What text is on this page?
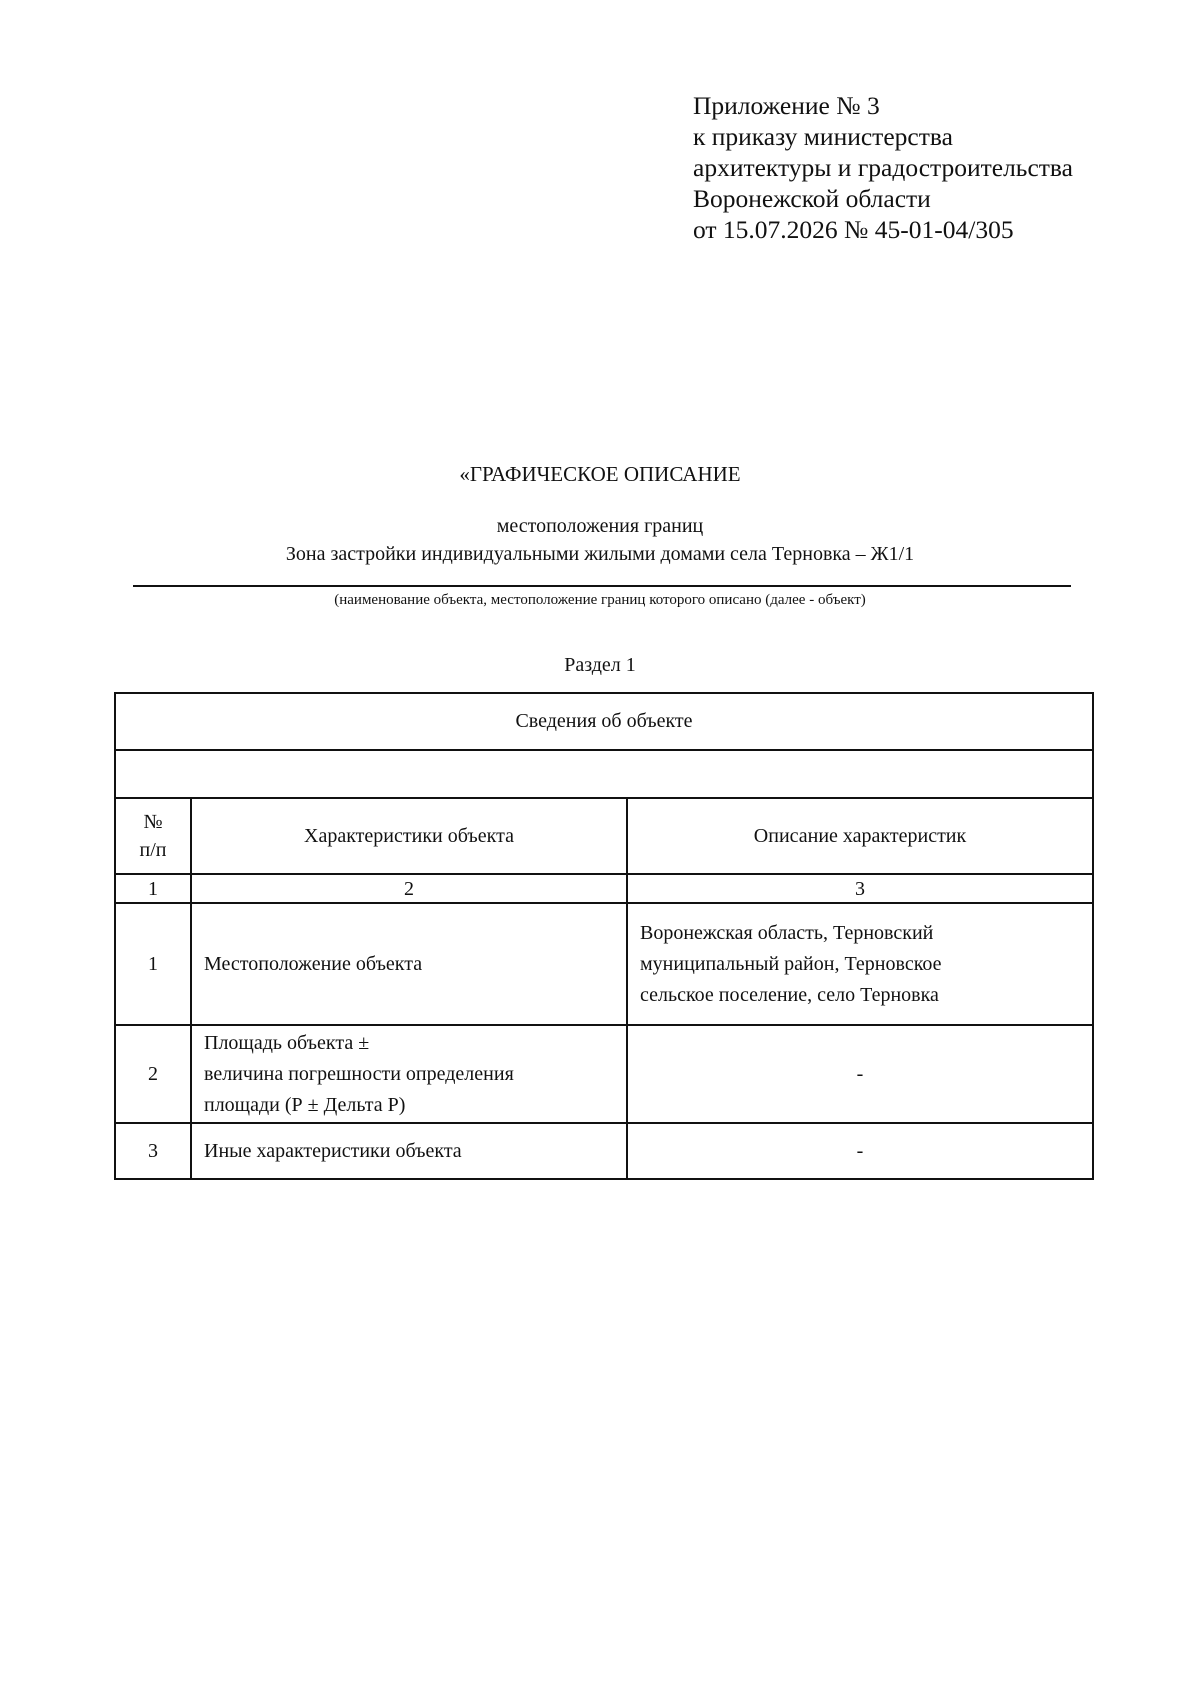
Приложение № 3
к приказу министерства
архитектуры и градостроительства
Воронежской области
от 15.07.2026 № 45-01-04/305
«ГРАФИЧЕСКОЕ ОПИСАНИЕ
местоположения границ
Зона застройки индивидуальными жилыми домами села Терновка – Ж1/1
(наименование объекта, местоположение границ которого описано (далее - объект)
Раздел 1
Сведения об объекте		

№
п/п	Характеристики объекта	Описание характеристик
1	2	3
1	Местоположение объекта	Воронежская область, Терновский
муниципальный район, Терновское
сельское поселение, село Терновка
2	Площадь объекта ±
величина погрешности определения
площади (Р ± Дельта Р)	-
3	Иные характеристики объекта	-
